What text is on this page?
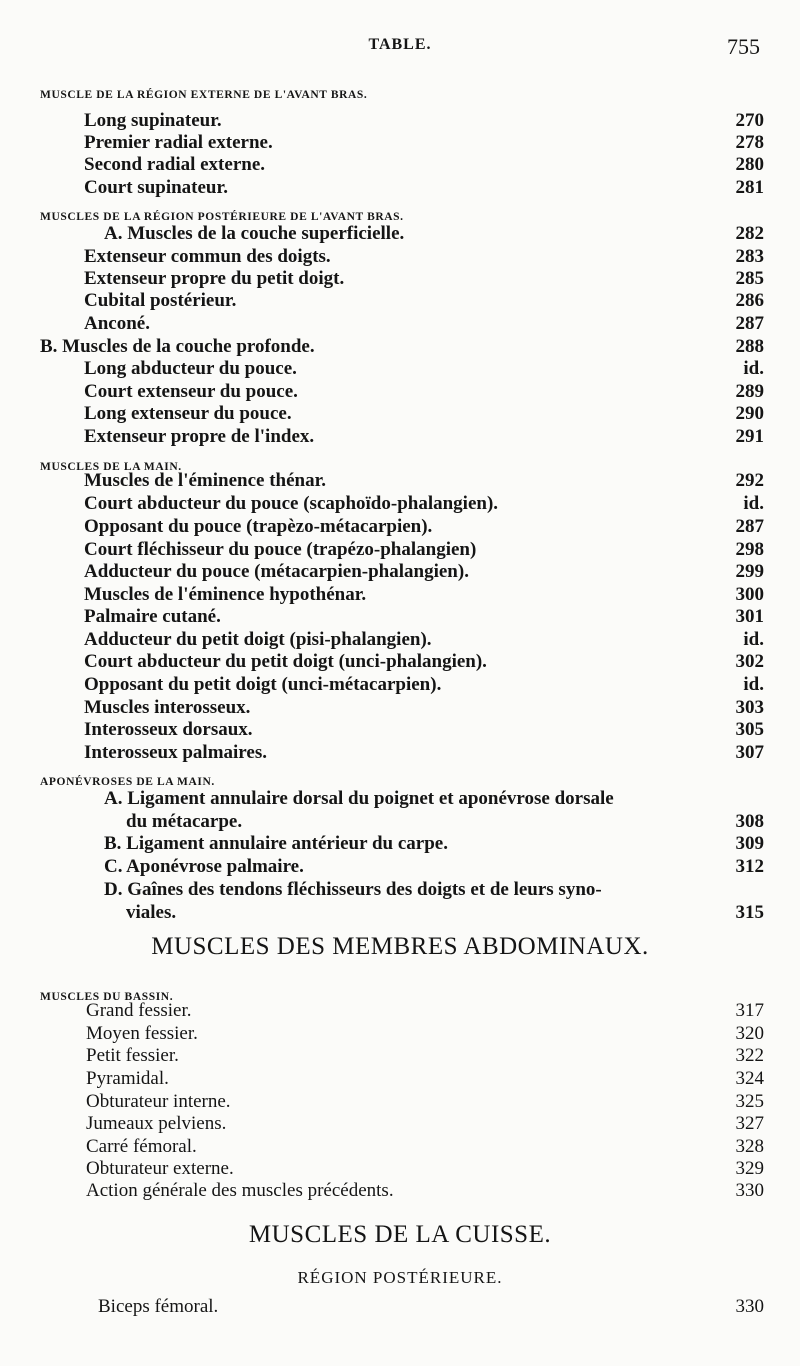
TABLE.	755
MUSCLE DE LA RÉGION EXTERNE DE L'AVANT BRAS.
Long supinateur.	270
Premier radial externe.	278
Second radial externe.	280
Court supinateur.	281
MUSCLES DE LA RÉGION POSTÉRIEURE DE L'AVANT BRAS.
A. Muscles de la couche superficielle.	282
Extenseur commun des doigts.	283
Extenseur propre du petit doigt.	285
Cubital postérieur.	286
Anconé.	287
B. Muscles de la couche profonde.	288
Long abducteur du pouce.	id.
Court extenseur du pouce.	289
Long extenseur du pouce.	290
Extenseur propre de l'index.	291
MUSCLES DE LA MAIN.
Muscles de l'éminence thénar.	292
Court abducteur du pouce (scaphoïdo-phalangien).	id.
Opposant du pouce (trapèzo-métacarpien).	287
Court fléchisseur du pouce (trapézo-phalangien)	298
Adducteur du pouce (métacarpien-phalangien).	299
Muscles de l'éminence hypothénar.	300
Palmaire cutané.	301
Adducteur du petit doigt (pisi-phalangien).	id.
Court abducteur du petit doigt (unci-phalangien).	302
Opposant du petit doigt (unci-métacarpien).	id.
Muscles interosseux.	303
Interosseux dorsaux.	305
Interosseux palmaires.	307
APONÉVROSES DE LA MAIN.
A. Ligament annulaire dorsal du poignet et aponévrose dorsale
du métacarpe.	308
B. Ligament annulaire antérieur du carpe.	309
C. Aponévrose palmaire.	312
D. Gaînes des tendons fléchisseurs des doigts et de leurs syno-
viales.	315
MUSCLES DES MEMBRES ABDOMINAUX.
MUSCLES DU BASSIN.
Grand fessier.	317
Moyen fessier.	320
Petit fessier.	322
Pyramidal.	324
Obturateur interne.	325
Jumeaux pelviens.	327
Carré fémoral.	328
Obturateur externe.	329
Action générale des muscles précédents.	330
MUSCLES DE LA CUISSE.
RÉGION POSTÉRIEURE.
Biceps fémoral.	330
